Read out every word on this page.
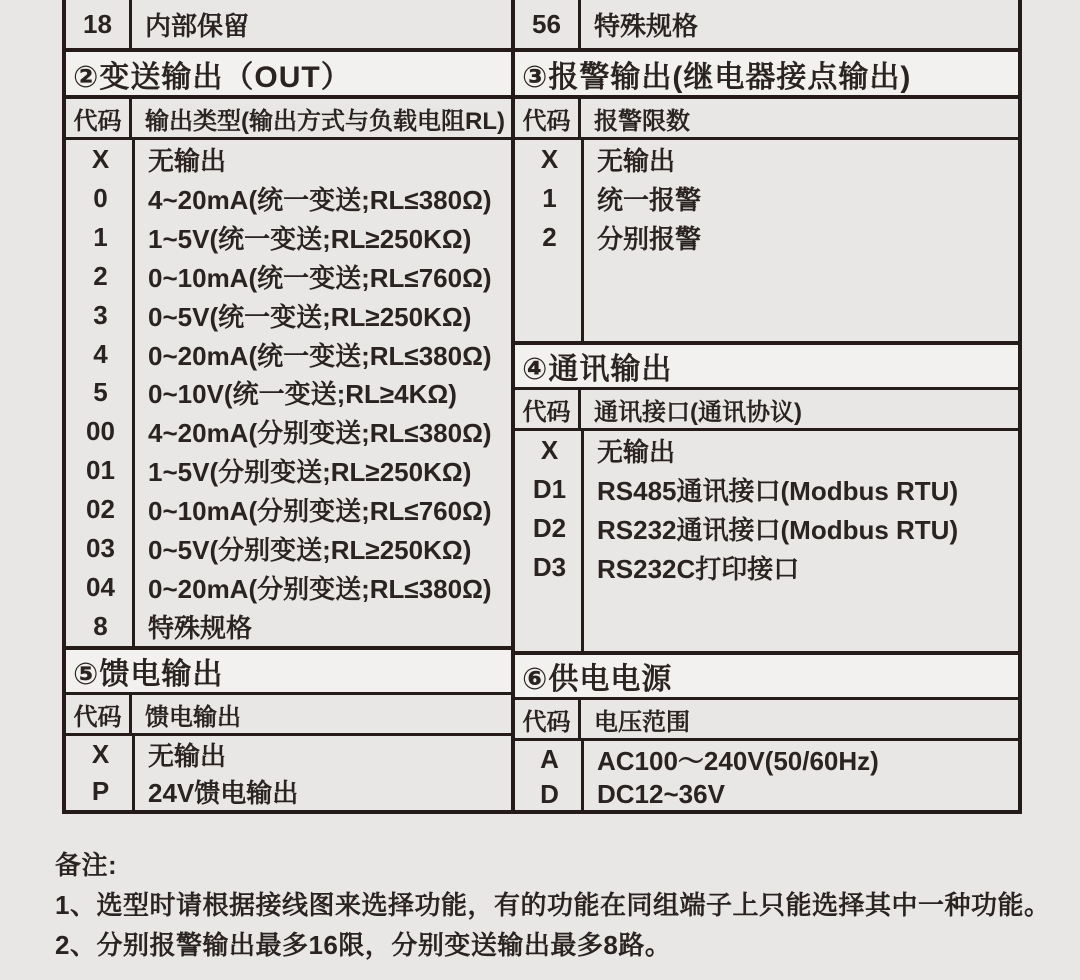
18	内部保留
②变送输出（OUT）
代码 输出类型(输出方式与负载电阻RL)
X	无输出
0	4~20mA(统一变送;RL≤380Ω)
1	1~5V(统一变送;RL≥250KΩ)
2	0~10mA(统一变送;RL≤760Ω)
3	0~5V(统一变送;RL≥250KΩ)
4	0~20mA(统一变送;RL≤380Ω)
5	0~10V(统一变送;RL≥4KΩ)
00	4~20mA(分别变送;RL≤380Ω)
01	1~5V(分别变送;RL≥250KΩ)
02	0~10mA(分别变送;RL≤760Ω)
03	0~5V(分别变送;RL≥250KΩ)
04	0~20mA(分别变送;RL≤380Ω)
8	特殊规格
⑤馈电输出
代码 馈电输出
X	无输出
P	24V馈电输出
56	特殊规格
③报警输出(继电器接点输出)
代码 报警限数
X	无输出
1	统一报警
2	分别报警
④通讯输出
代码 通讯接口(通讯协议)
X	无输出
D1	RS485通讯接口(Modbus RTU)
D2	RS232通讯接口(Modbus RTU)
D3	RS232C打印接口
⑥供电电源
代码 电压范围
A	AC100～240V(50/60Hz)
D	DC12~36V
备注:
1、选型时请根据接线图来选择功能，有的功能在同组端子上只能选择其中一种功能。
2、分别报警输出最多16限，分别变送输出最多8路。
